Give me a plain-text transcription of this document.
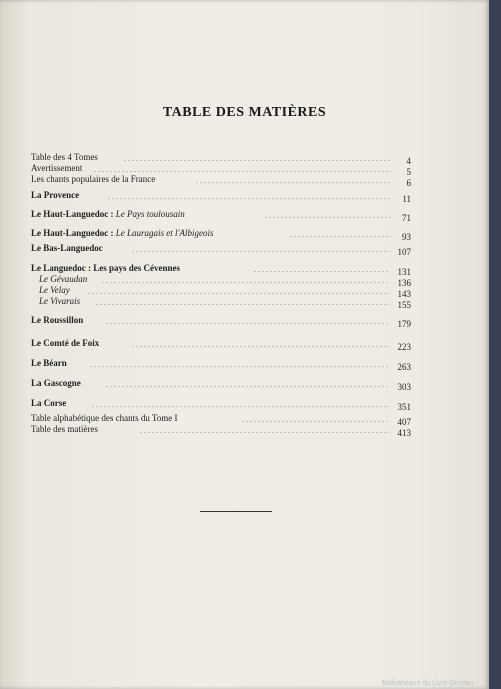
TABLE DES MATIÈRES
Table des 4 Tomes	4
Avertissement	5
Les chants populaires de la France	6
La Provence	11
Le Haut-Languedoc : Le Pays toulousain	71
Le Haut-Languedoc : Le Lauragais et l'Albigeois	93
Le Bas-Languedoc	107
Le Languedoc : Les pays des Cévennes	131
Le Gévaudan	136
Le Velay	143
Le Vivarais	155
Le Roussillon	179
Le Comté de Foix	223
Le Béarn	263
La Gascogne	303
La Corse	351
Table alphabétique des chants du Tome I	407
Table des matières	413
Bibliothèque du Livre Occitan
